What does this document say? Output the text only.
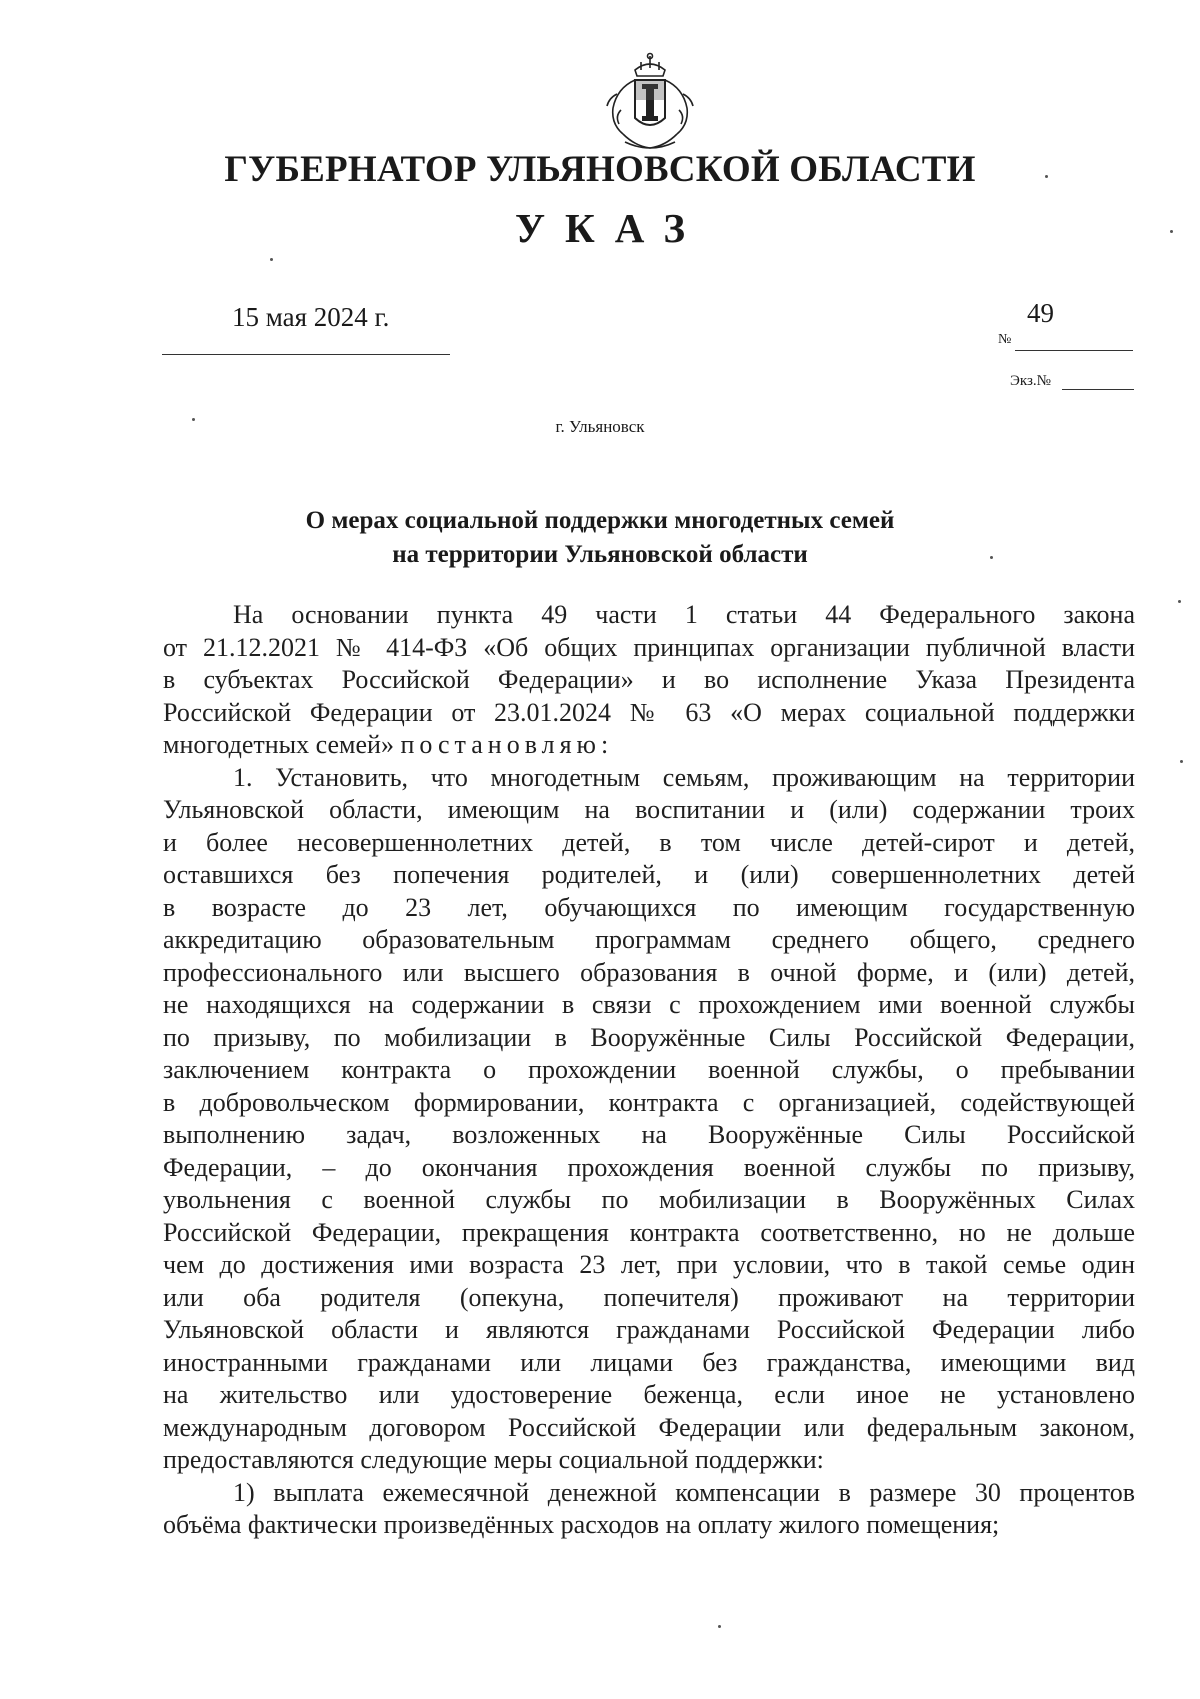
ГУБЕРНАТОР УЛЬЯНОВСКОЙ ОБЛАСТИ
УКАЗ
15 мая 2024 г.
№
49
Экз.№
г. Ульяновск
О мерах социальной поддержки многодетных семей
на территории Ульяновской области
На основании пункта 49 части 1 статьи 44 Федерального закона
от 21.12.2021 № 414-ФЗ «Об общих принципах организации публичной власти
в субъектах Российской Федерации» и во исполнение Указа Президента
Российской Федерации от 23.01.2024 № 63 «О мерах социальной поддержки
многодетных семей» постановляю:
1. Установить, что многодетным семьям, проживающим на территории
Ульяновской области, имеющим на воспитании и (или) содержании троих
и более несовершеннолетних детей, в том числе детей-сирот и детей,
оставшихся без попечения родителей, и (или) совершеннолетних детей
в возрасте до 23 лет, обучающихся по имеющим государственную
аккредитацию образовательным программам среднего общего, среднего
профессионального или высшего образования в очной форме, и (или) детей,
не находящихся на содержании в связи с прохождением ими военной службы
по призыву, по мобилизации в Вооружённые Силы Российской Федерации,
заключением контракта о прохождении военной службы, о пребывании
в добровольческом формировании, контракта с организацией, содействующей
выполнению задач, возложенных на Вооружённые Силы Российской
Федерации, – до окончания прохождения военной службы по призыву,
увольнения с военной службы по мобилизации в Вооружённых Силах
Российской Федерации, прекращения контракта соответственно, но не дольше
чем до достижения ими возраста 23 лет, при условии, что в такой семье один
или оба родителя (опекуна, попечителя) проживают на территории
Ульяновской области и являются гражданами Российской Федерации либо
иностранными гражданами или лицами без гражданства, имеющими вид
на жительство или удостоверение беженца, если иное не установлено
международным договором Российской Федерации или федеральным законом,
предоставляются следующие меры социальной поддержки:
1) выплата ежемесячной денежной компенсации в размере 30 процентов
объёма фактически произведённых расходов на оплату жилого помещения;
